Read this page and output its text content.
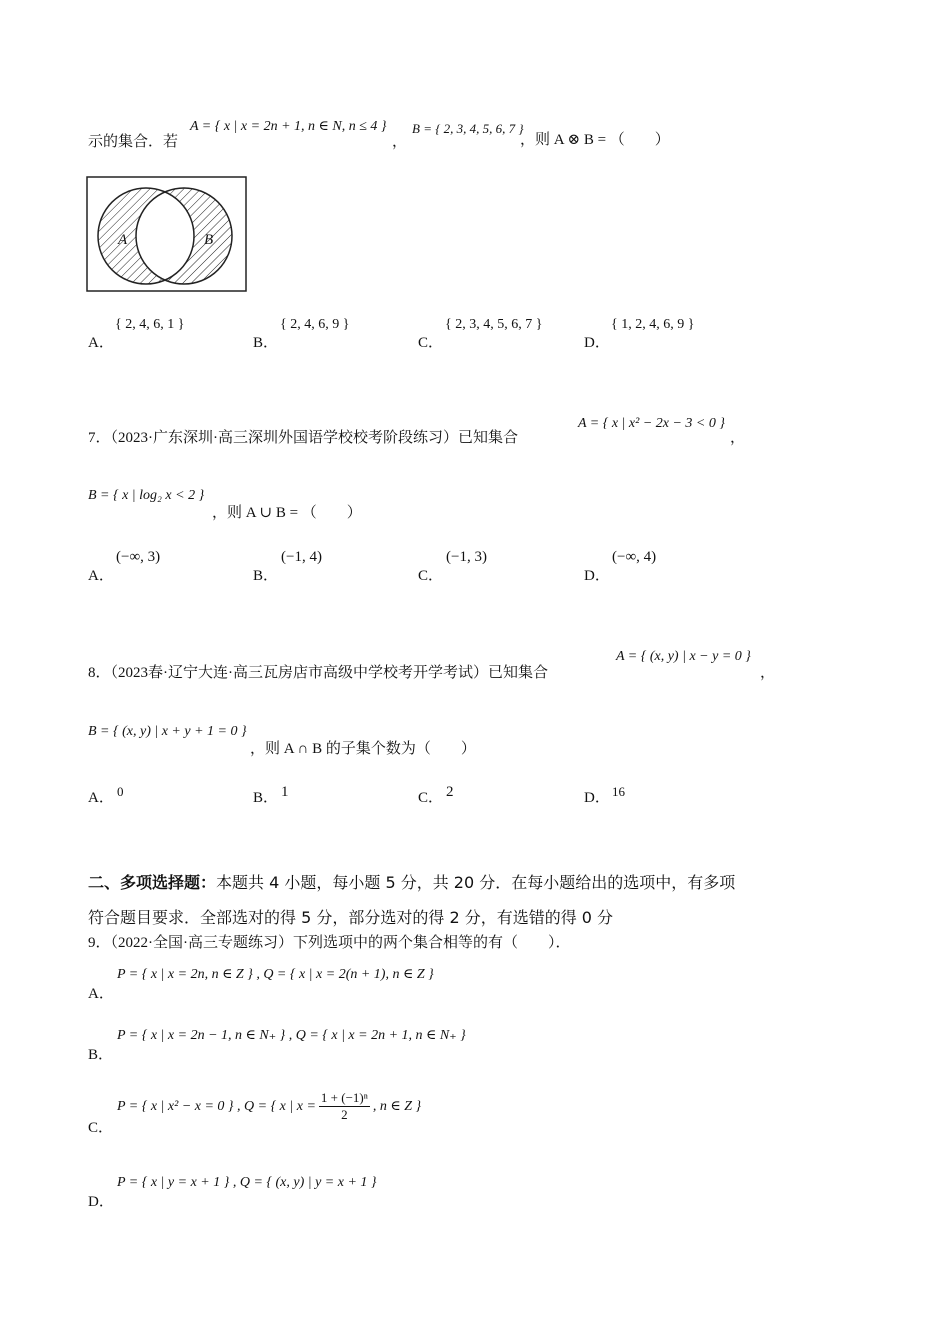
示的集合．若
A = { x | x = 2n + 1, n ∈ N, n ≤ 4 }
，
B = { 2, 3, 4, 5, 6, 7 }
，则 A ⊗ B = （　　）
A	B
A．
{ 2, 4, 6, 1 }
B．
{ 2, 4, 6, 9 }
C．
{ 2, 3, 4, 5, 6, 7 }
D．
{ 1, 2, 4, 6, 9 }
7．（2023·广东深圳·高三深圳外国语学校校考阶段练习）已知集合
A = { x | x² − 2x − 3 < 0 }
，
B = { x | log₂ x < 2 }
，则 A ∪ B = （　　）
A．
(−∞, 3)
B．
(−1, 4)
C．
(−1, 3)
D．
(−∞, 4)
8．（2023春·辽宁大连·高三瓦房店市高级中学校考开学考试）已知集合
A = { (x, y) | x − y = 0 }
，
B = { (x, y) | x + y + 1 = 0 }
，则 A ∩ B 的子集个数为（　　）
A． 0	B． 1	C． 2	D． 16
二、多项选择题：本题共 4 小题，每小题 5 分，共 20 分．在每小题给出的选项中，有多项
符合题目要求．全部选对的得 5 分，部分选对的得 2 分，有选错的得 0 分
9．（2022·全国·高三专题练习）下列选项中的两个集合相等的有（　　）．
A．
P = { x | x = 2n, n ∈ Z } , Q = { x | x = 2(n + 1), n ∈ Z }
B．
P = { x | x = 2n − 1, n ∈ N₊ } , Q = { x | x = 2n + 1, n ∈ N₊ }
C．
P = { x | x² − x = 0 } , Q = { x | $x = \frac{\text{1 + (−1)ⁿ}}{2}$ , n ∈ Z }
D．
P = { x | y = x + 1 } , Q = { (x, y) | y = x + 1 }
